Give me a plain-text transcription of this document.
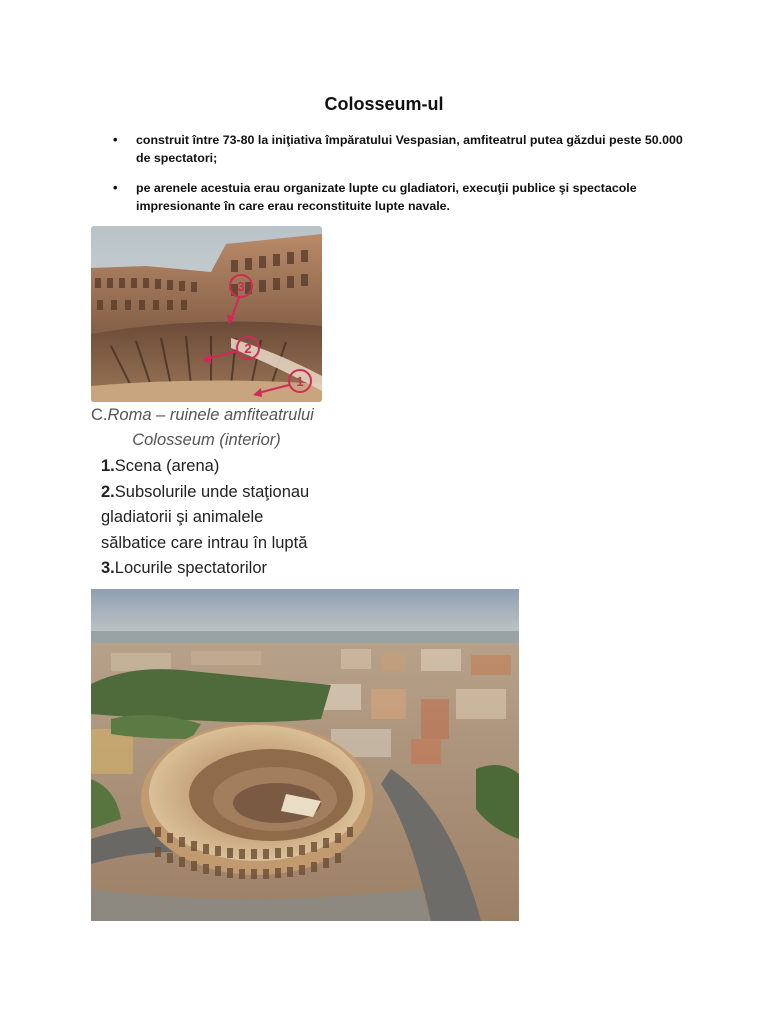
Colosseum-ul
• construit între 73-80 la iniţiativa împăratului Vespasian, amfiteatrul putea găzdui peste 50.000 de spectatori;
• pe arenele acestuia erau organizate lupte cu gladiatori, execuţii publice şi spectacole impresionante în care erau reconstituite lupte navale.
3
2
1
C.Roma – ruinele amfiteatrului
Colosseum (interior)
1.Scena (arena)
2.Subsolurile unde staţionau
gladiatorii şi animalele
sălbatice care intrau în luptă
3.Locurile spectatorilor
